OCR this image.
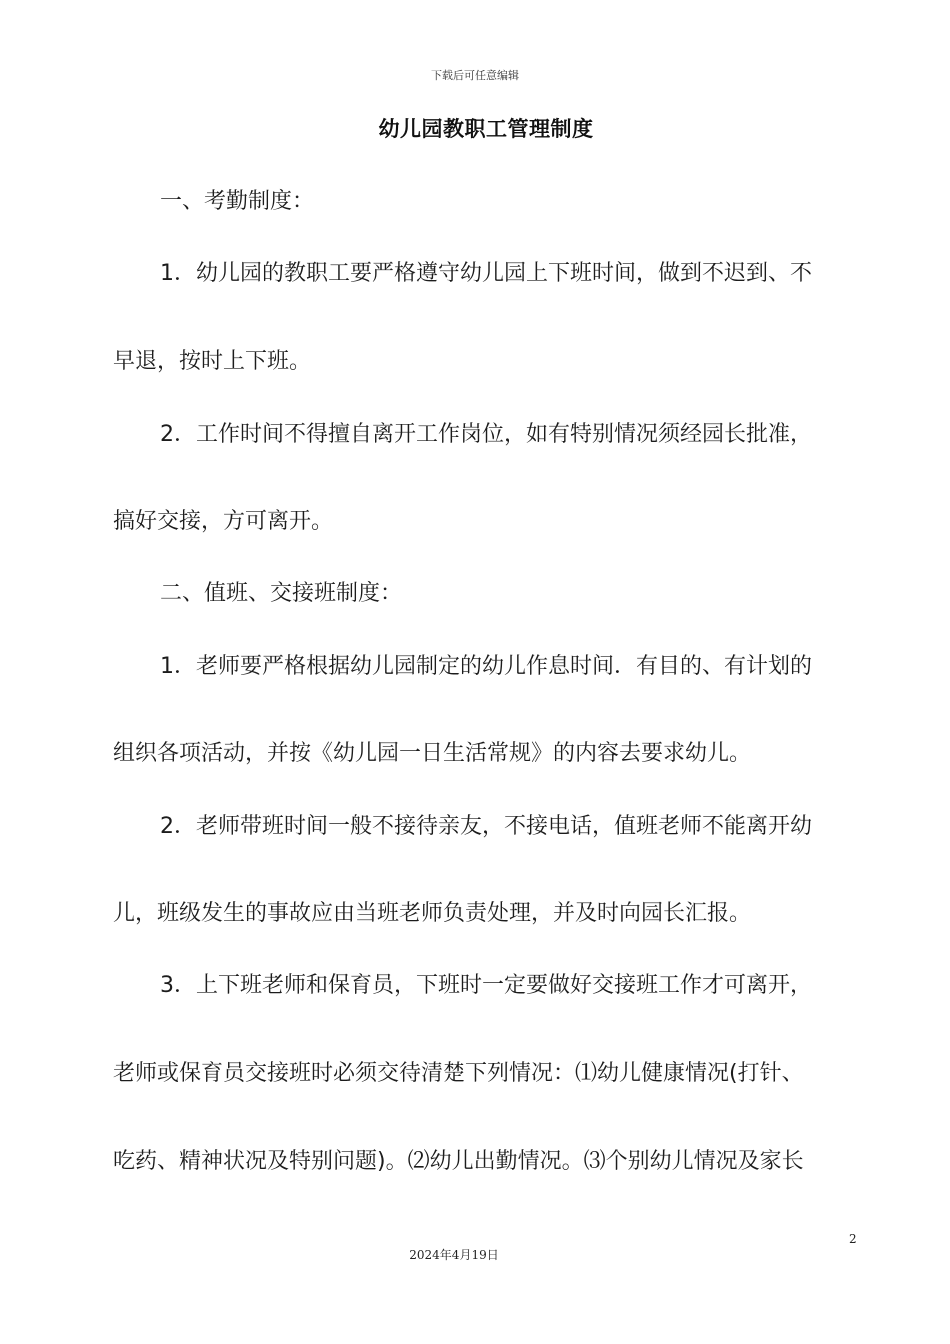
下载后可任意编辑
幼儿园教职工管理制度
一、考勤制度：
1．幼儿园的教职工要严格遵守幼儿园上下班时间，做到不迟到、不
早退，按时上下班。
2．工作时间不得擅自离开工作岗位，如有特别情况须经园长批准，
搞好交接，方可离开。
二、值班、交接班制度：
1．老师要严格根据幼儿园制定的幼儿作息时间．有目的、有计划的
组织各项活动，并按《幼儿园一日生活常规》的内容去要求幼儿。
2．老师带班时间一般不接待亲友，不接电话，值班老师不能离开幼
儿，班级发生的事故应由当班老师负责处理，并及时向园长汇报。
3．上下班老师和保育员，下班时一定要做好交接班工作才可离开，
老师或保育员交接班时必须交待清楚下列情况：⑴幼儿健康情况(打针、
吃药、精神状况及特别问题)。⑵幼儿出勤情况。⑶个别幼儿情况及家长
2
2024年4月19日
